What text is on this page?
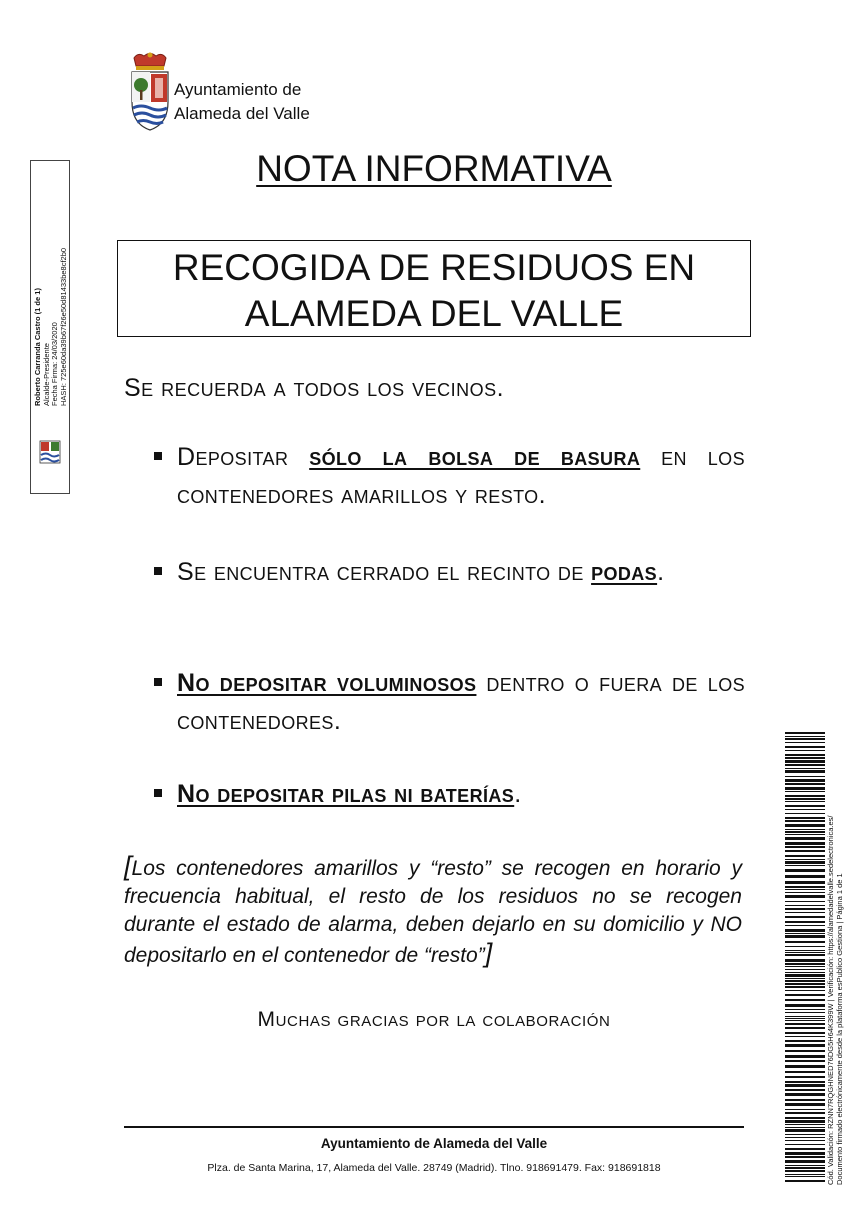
Ayuntamiento de
Alameda del Valle
Roberto Carranda Castro (1 de 1) Alcalde-Presidente Fecha Firma: 24/03/2020 HASH: 725e60da39b67f26e50d81433be8cf2b0
NOTA INFORMATIVA
RECOGIDA DE RESIDUOS EN
ALAMEDA DEL VALLE
Se recuerda a todos los vecinos.
Depositar sólo la bolsa de basura en los contenedores amarillos y resto.
Se encuentra cerrado el recinto de podas.
No depositar voluminosos dentro o fuera de los contenedores.
No depositar pilas ni baterías.
[Los contenedores amarillos y “resto” se recogen en horario y frecuencia habitual, el resto de los residuos no se recogen durante el estado de alarma, deben dejarlo en su domicilio y NO depositarlo en el contenedor de “resto”]
Muchas gracias por la colaboración
Ayuntamiento de Alameda del Valle
Plza. de Santa Marina, 17, Alameda del Valle. 28749 (Madrid). Tlno. 918691479. Fax: 918691818	Cód. Validación: RZNN7RQGHNED76DG5H64K399W | Verificación: https://alamedadelvalle.sedelectronica.es/ Documento firmado electrónicamente desde la plataforma esPublico Gestiona | Página 1 de 1
